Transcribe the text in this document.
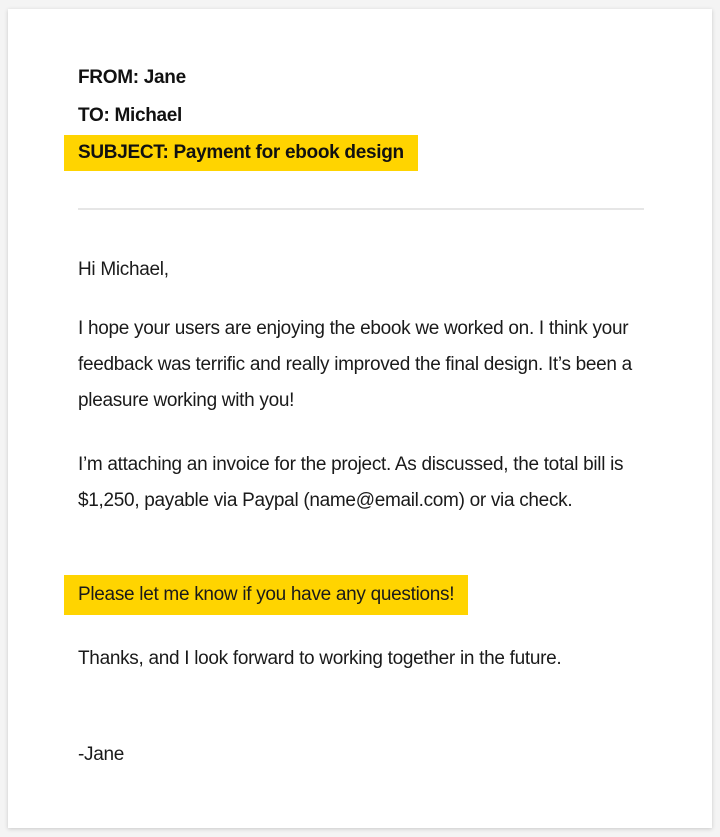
FROM: Jane
TO: Michael
SUBJECT: Payment for ebook design
Hi Michael,
I hope your users are enjoying the ebook we worked on. I think your feedback was terrific and really improved the final design. It’s been a pleasure working with you!
I’m attaching an invoice for the project. As discussed, the total bill is $1,250, payable via Paypal (name@email.com) or via check.
Please let me know if you have any questions!
Thanks, and I look forward to working together in the future.
-Jane
